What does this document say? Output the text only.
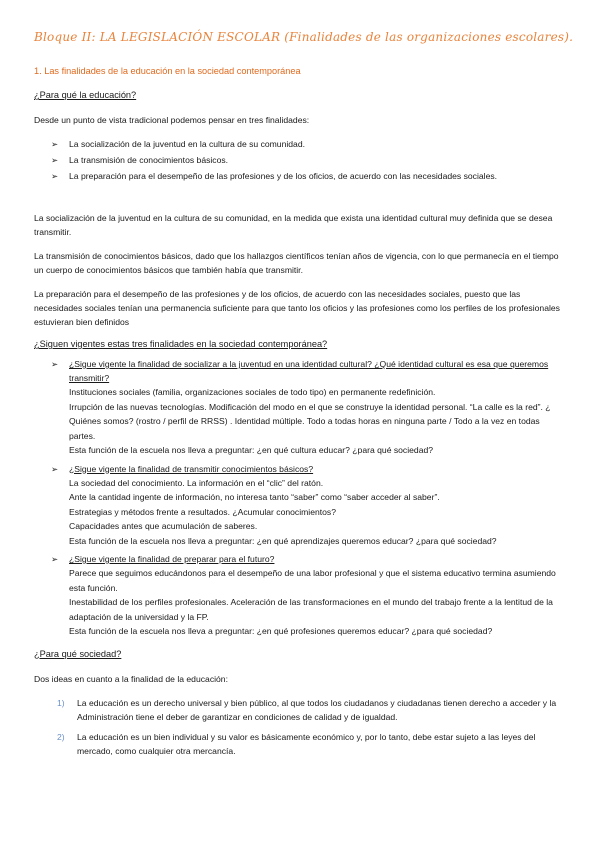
Bloque II: LA LEGISLACIÓN ESCOLAR (Finalidades de las organizaciones escolares).
1. Las finalidades de la educación en la sociedad contemporánea
¿Para qué la educación?

Desde un punto de vista tradicional podemos pensar en tres finalidades:

➢ La socialización de la juventud en la cultura de su comunidad.
➢ La transmisión de conocimientos básicos.
➢ La preparación para el desempeño de las profesiones y de los oficios, de acuerdo con las necesidades sociales.

La socialización de la juventud en la cultura de su comunidad, en la medida que exista una identidad cultural muy definida que se desea transmitir.

La transmisión de conocimientos básicos, dado que los hallazgos científicos tenían años de vigencia, con lo que permanecía en el tiempo un cuerpo de conocimientos básicos que también había que transmitir.

La preparación para el desempeño de las profesiones y de los oficios, de acuerdo con las necesidades sociales, puesto que las necesidades sociales tenían una permanencia suficiente para que tanto los oficios y las profesiones como los perfiles de los profesionales estuvieran bien definidos

¿Siguen vigentes estas tres finalidades en la sociedad contemporánea?
➢ ¿Sigue vigente la finalidad de socializar a la juventud en una identidad cultural? ¿Qué identidad cultural es esa que queremos transmitir?
Instituciones sociales (familia, organizaciones sociales de todo tipo) en permanente redefinición.
Irrupción de las nuevas tecnologías. Modificación del modo en el que se construye la identidad personal. “La calle es la red”. ¿ Quiénes somos? (rostro / perfil de RRSS) . Identidad múltiple. Todo a todas horas en ninguna parte / Todo a la vez en todas partes.
Esta función de la escuela nos lleva a preguntar: ¿en qué cultura educar? ¿para qué sociedad?
➢ ¿Sigue vigente la finalidad de transmitir conocimientos básicos?
La sociedad del conocimiento. La información en el “clic” del ratón.
Ante la cantidad ingente de información, no interesa tanto “saber” como “saber acceder al saber”.
Estrategias y métodos frente a resultados. ¿Acumular conocimientos?
Capacidades antes que acumulación de saberes.
Esta función de la escuela nos lleva a preguntar: ¿en qué aprendizajes queremos educar? ¿para qué sociedad?
➢ ¿Sigue vigente la finalidad de preparar para el futuro?
Parece que seguimos educándonos para el desempeño de una labor profesional y que el sistema educativo termina asumiendo esta función.
Inestabilidad de los perfiles profesionales. Aceleración de las transformaciones en el mundo del trabajo frente a la lentitud de la adaptación de la universidad y la FP.
Esta función de la escuela nos lleva a preguntar: ¿en qué profesiones queremos educar? ¿para qué sociedad?
¿Para qué sociedad?

Dos ideas en cuanto a la finalidad de la educación:

1) La educación es un derecho universal y bien público, al que todos los ciudadanos y ciudadanas tienen derecho a acceder y la Administración tiene el deber de garantizar en condiciones de calidad y de igualdad.
2) La educación es un bien individual y su valor es básicamente económico y, por lo tanto, debe estar sujeto a las leyes del mercado, como cualquier otra mercancía.
